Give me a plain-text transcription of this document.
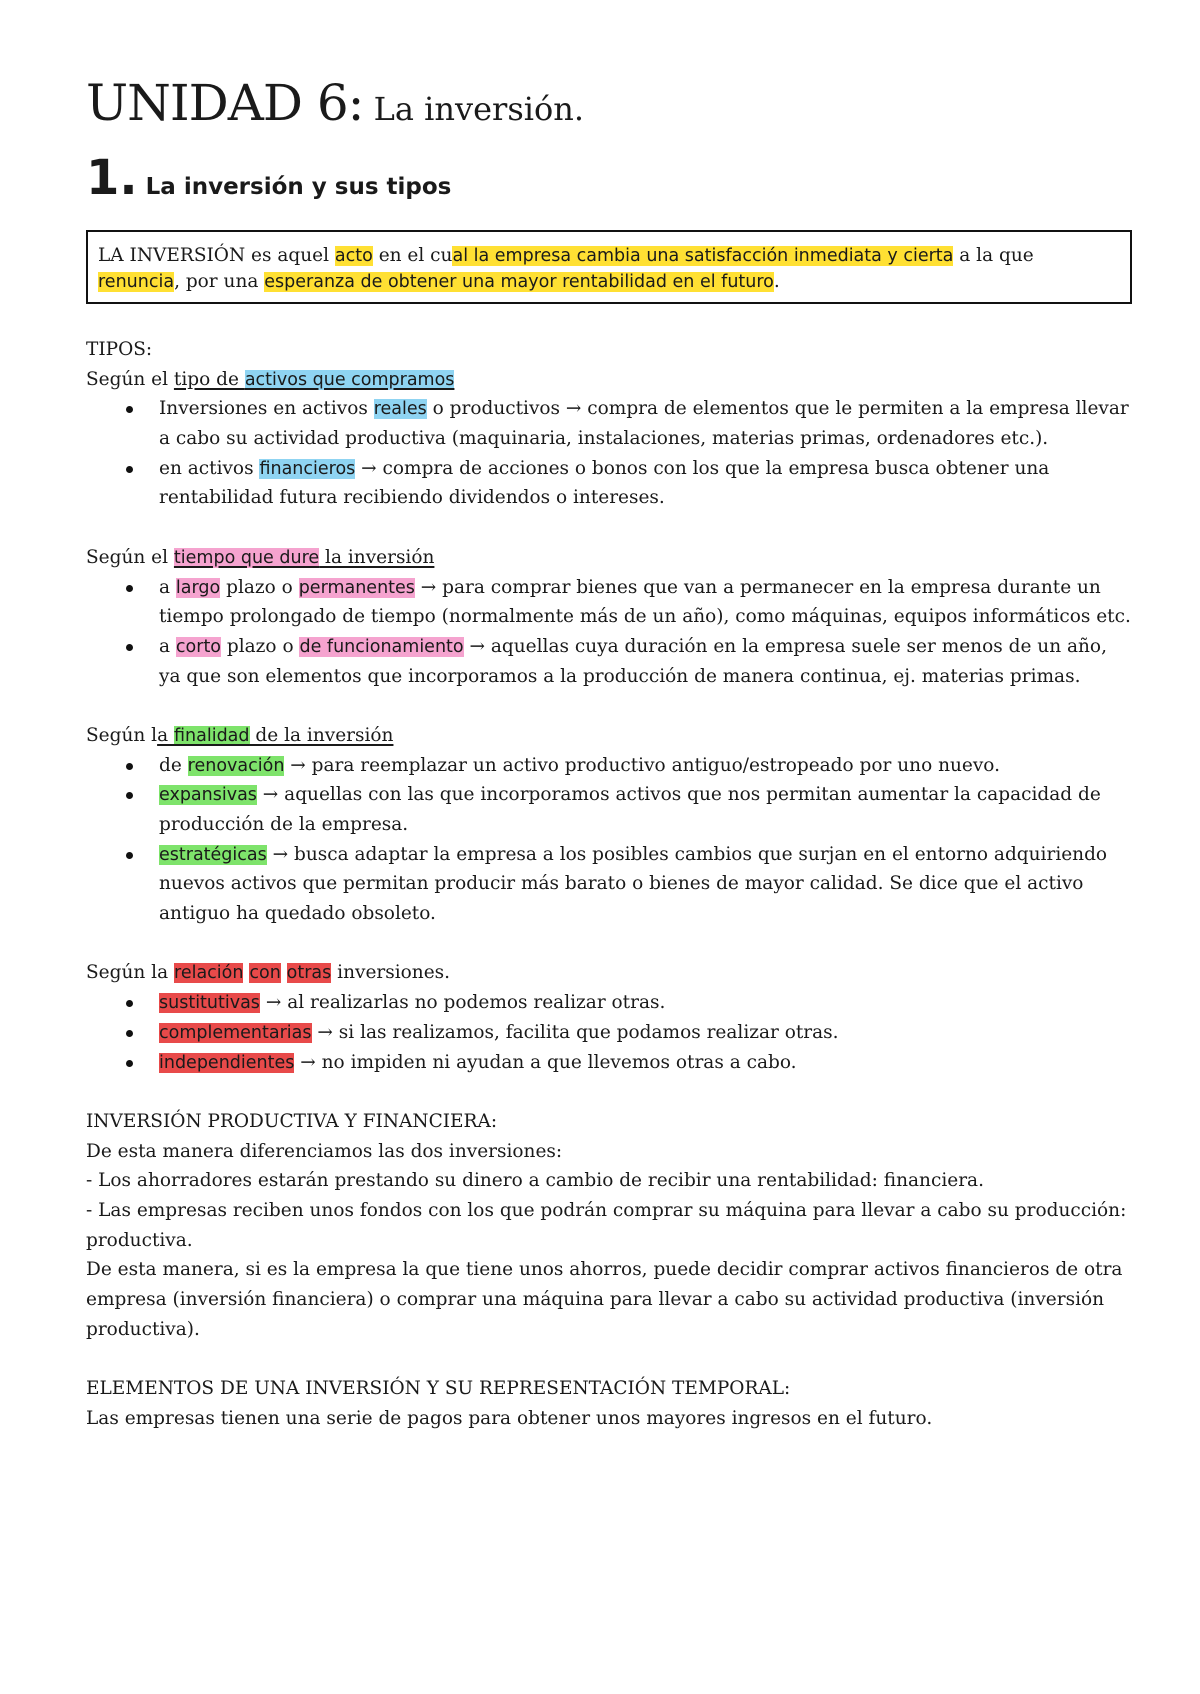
UNIDAD 6: La inversión.
1. La inversión y sus tipos
LA INVERSIÓN es aquel acto en el cual la empresa cambia una satisfacción inmediata y cierta a la que
renuncia, por una esperanza de obtener una mayor rentabilidad en el futuro.
TIPOS:
Según el tipo de activos que compramos
Inversiones en activos reales o productivos → compra de elementos que le permiten a la empresa llevar
a cabo su actividad productiva (maquinaria, instalaciones, materias primas, ordenadores etc.).
en activos financieros → compra de acciones o bonos con los que la empresa busca obtener una
rentabilidad futura recibiendo dividendos o intereses.
Según el tiempo que dure la inversión
a largo plazo o permanentes → para comprar bienes que van a permanecer en la empresa durante un
tiempo prolongado de tiempo (normalmente más de un año), como máquinas, equipos informáticos etc.
a corto plazo o de funcionamiento → aquellas cuya duración en la empresa suele ser menos de un año,
ya que son elementos que incorporamos a la producción de manera continua, ej. materias primas.
Según la finalidad de la inversión
de renovación → para reemplazar un activo productivo antiguo/estropeado por uno nuevo.
expansivas → aquellas con las que incorporamos activos que nos permitan aumentar la capacidad de
producción de la empresa.
estratégicas → busca adaptar la empresa a los posibles cambios que surjan en el entorno adquiriendo
nuevos activos que permitan producir más barato o bienes de mayor calidad. Se dice que el activo
antiguo ha quedado obsoleto.
Según la relación con otras inversiones.
sustitutivas → al realizarlas no podemos realizar otras.
complementarias → si las realizamos, facilita que podamos realizar otras.
independientes → no impiden ni ayudan a que llevemos otras a cabo.
INVERSIÓN PRODUCTIVA Y FINANCIERA:
De esta manera diferenciamos las dos inversiones:
- Los ahorradores estarán prestando su dinero a cambio de recibir una rentabilidad: financiera.
- Las empresas reciben unos fondos con los que podrán comprar su máquina para llevar a cabo su producción:
productiva.
De esta manera, si es la empresa la que tiene unos ahorros, puede decidir comprar activos financieros de otra
empresa (inversión financiera) o comprar una máquina para llevar a cabo su actividad productiva (inversión
productiva).
ELEMENTOS DE UNA INVERSIÓN Y SU REPRESENTACIÓN TEMPORAL:
Las empresas tienen una serie de pagos para obtener unos mayores ingresos en el futuro.
